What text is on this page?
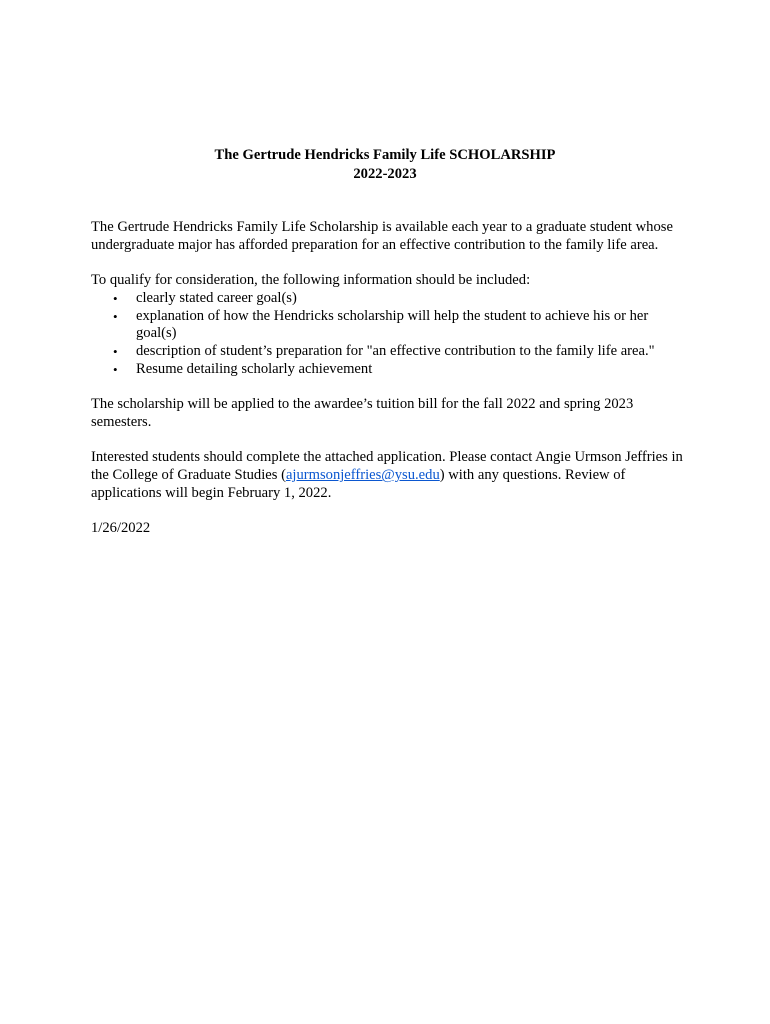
The Gertrude Hendricks Family Life SCHOLARSHIP
2022-2023

The Gertrude Hendricks Family Life Scholarship is available each year to a graduate student whose undergraduate major has afforded preparation for an effective contribution to the family life area.

To qualify for consideration, the following information should be included:

• clearly stated career goal(s)
• explanation of how the Hendricks scholarship will help the student to achieve his or her goal(s)
• description of student’s preparation for "an effective contribution to the family life area."
• Resume detailing scholarly achievement

The scholarship will be applied to the awardee’s tuition bill for the fall 2022 and spring 2023 semesters.

Interested students should complete the attached application. Please contact Angie Urmson Jeffries in the College of Graduate Studies (ajurmsonjeffries@ysu.edu) with any questions. Review of applications will begin February 1, 2022.

1/26/2022
